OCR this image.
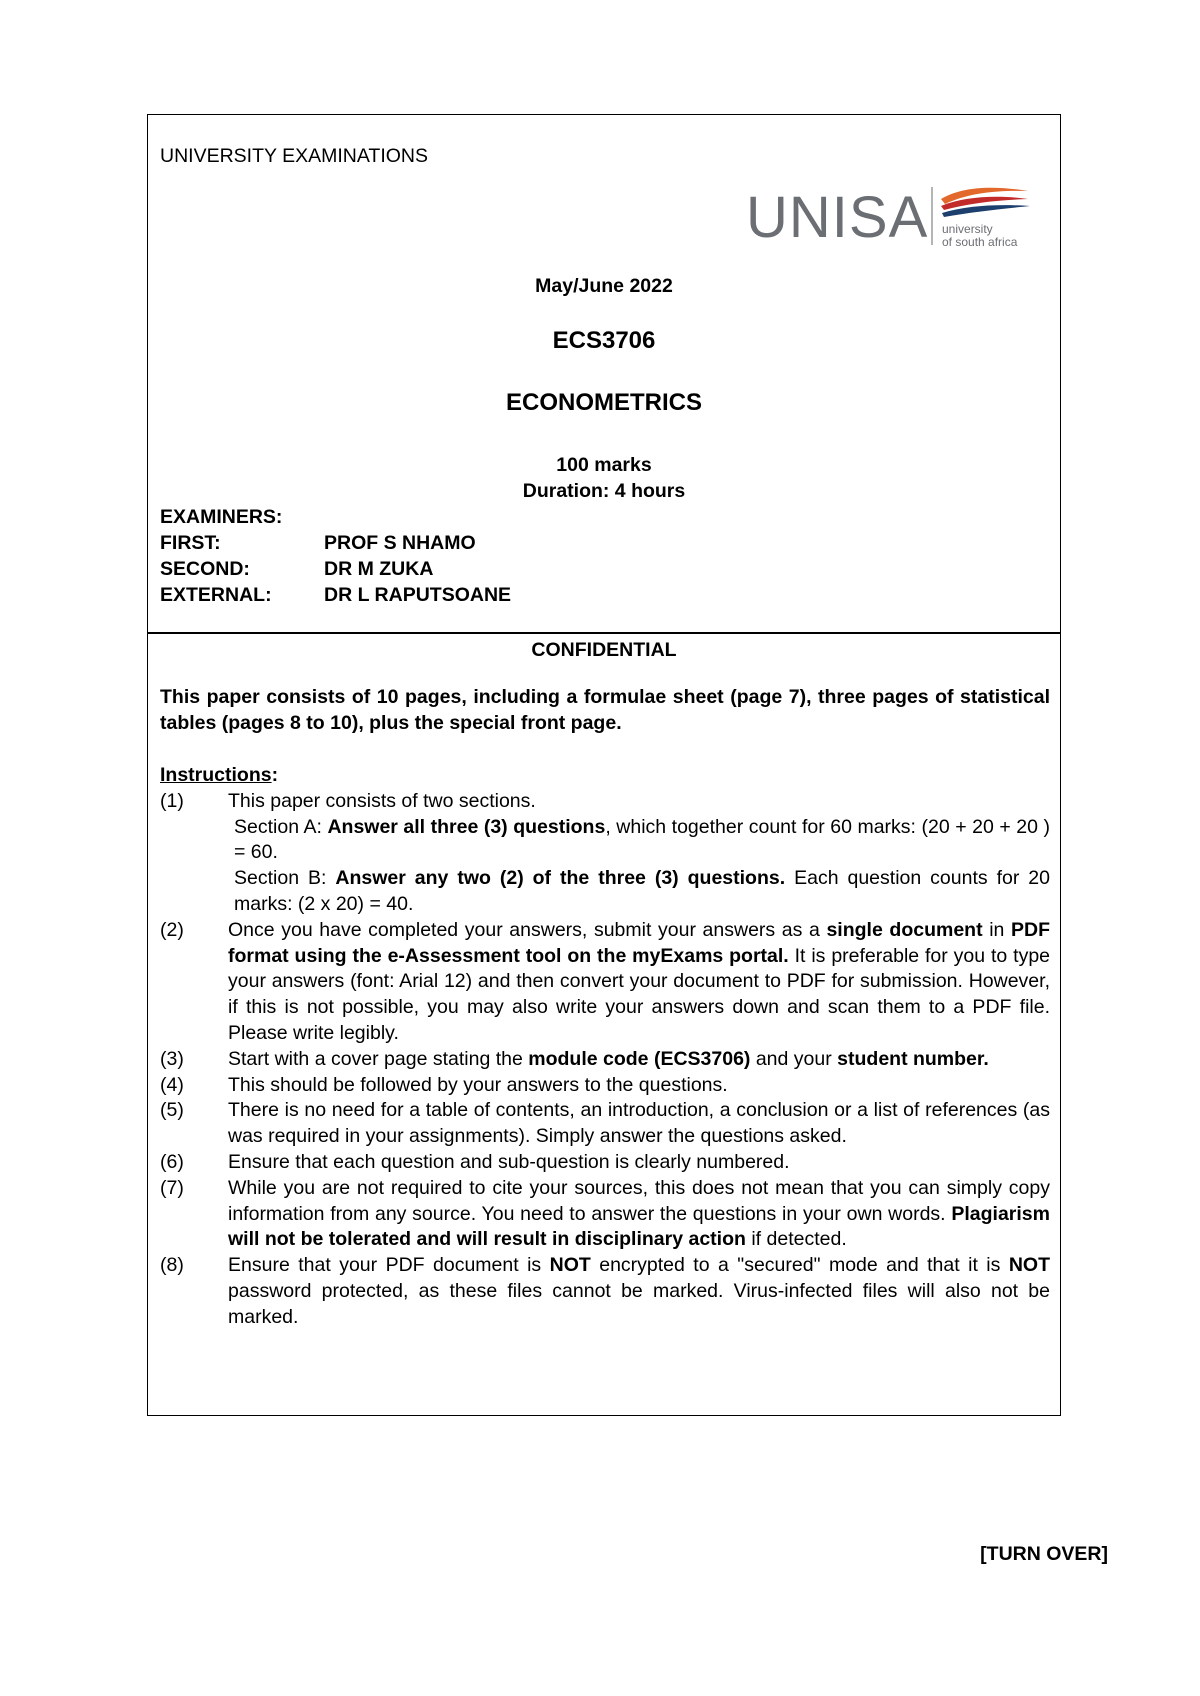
UNIVERSITY EXAMINATIONS
UNISA university
of south africa
May/June 2022
ECS3706
ECONOMETRICS
100 marks
Duration: 4 hours
EXAMINERS:
FIRST:	PROF S NHAMO
SECOND:	DR M ZUKA
EXTERNAL:	DR L RAPUTSOANE
CONFIDENTIAL
This paper consists of 10 pages, including a formulae sheet (page 7), three pages of statistical tables (pages 8 to 10), plus the special front page.
Instructions:
(1)	This paper consists of two sections.
Section A: Answer all three (3) questions, which together count for 60 marks: (20 + 20 + 20 ) = 60.
Section B: Answer any two (2) of the three (3) questions. Each question counts for 20 marks: (2 x 20) = 40.
(2)	Once you have completed your answers, submit your answers as a single document in PDF format using the e-Assessment tool on the myExams portal. It is preferable for you to type your answers (font: Arial 12) and then convert your document to PDF for submission. However, if this is not possible, you may also write your answers down and scan them to a PDF file. Please write legibly.
(3)	Start with a cover page stating the module code (ECS3706) and your student number.
(4)	This should be followed by your answers to the questions.
(5)	There is no need for a table of contents, an introduction, a conclusion or a list of references (as was required in your assignments). Simply answer the questions asked.
(6)	Ensure that each question and sub-question is clearly numbered.
(7)	While you are not required to cite your sources, this does not mean that you can simply copy information from any source. You need to answer the questions in your own words. Plagiarism will not be tolerated and will result in disciplinary action if detected.
(8)	Ensure that your PDF document is NOT encrypted to a "secured" mode and that it is NOT password protected, as these files cannot be marked. Virus-infected files will also not be marked.
[TURN OVER]
